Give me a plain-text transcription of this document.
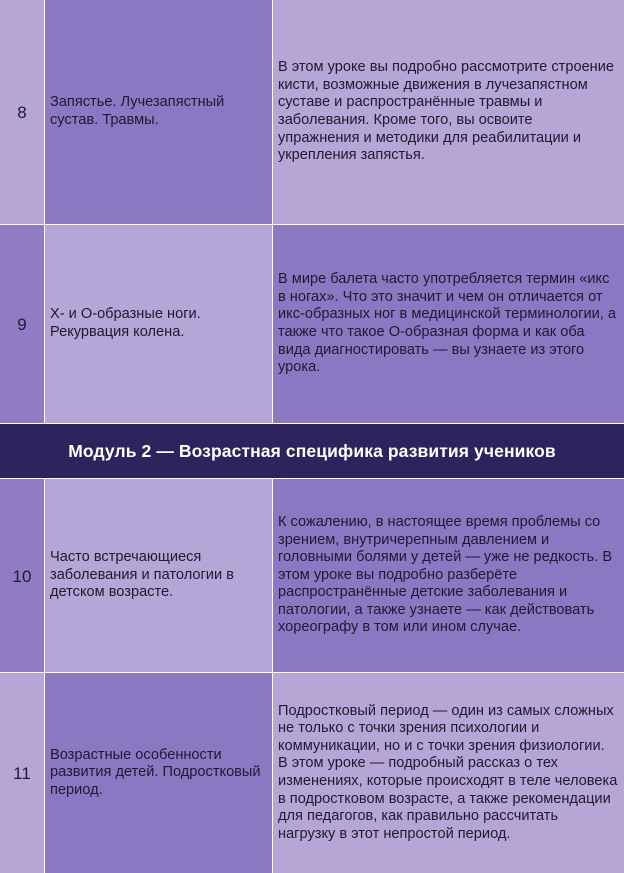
8
Запястье. Лучезапястный сустав. Травмы.
В этом уроке вы подробно рассмотрите строение кисти, возможные движения в лучезапястном суставе и распространённые травмы и заболевания. Кроме того, вы освоите упражнения и методики для реабилитации и укрепления запястья.
9
X- и O-образные ноги. Рекурвация колена.
В мире балета часто употребляется термин «икс в ногах». Что это значит и чем он отличается от икс-образных ног в медицинской терминологии, а также что такое O-образная форма и как оба вида диагностировать — вы узнаете из этого урока.
Модуль 2 — Возрастная специфика развития учеников
10
Часто встречающиеся заболевания и патологии в детском возрасте.
К сожалению, в настоящее время проблемы со зрением, внутричерепным давлением и головными болями у детей — уже не редкость. В этом уроке вы подробно разберёте распространённые детские заболевания и патологии, а также узнаете — как действовать хореографу в том или ином случае.
11
Возрастные особенности развития детей. Подростковый период.
Подростковый период — один из самых сложных не только с точки зрения психологии и коммуникации, но и с точки зрения физиологии. В этом уроке — подробный рассказ о тех изменениях, которые происходят в теле человека в подростковом возрасте, а также рекомендации для педагогов, как правильно рассчитать нагрузку в этот непростой период.
